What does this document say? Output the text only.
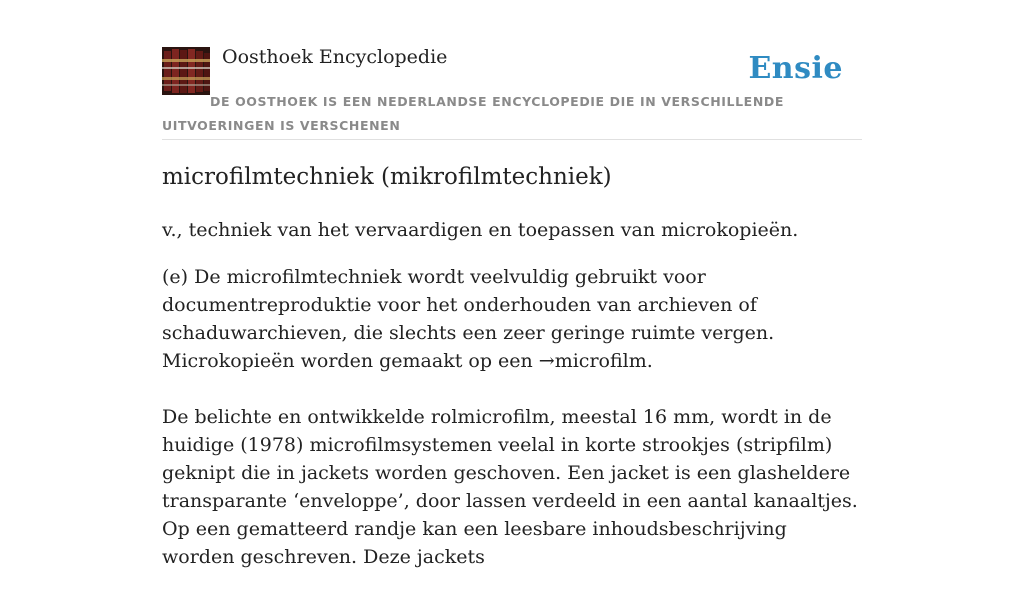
Oosthoek Encyclopedie	Ensie
DE OOSTHOEK IS EEN NEDERLANDSE ENCYCLOPEDIE DIE IN VERSCHILLENDE UITVOERINGEN IS VERSCHENEN
microfilmtechniek (mikrofilmtechniek)

v., techniek van het vervaardigen en toepassen van microkopieën.

(e) De microfilmtechniek wordt veelvuldig gebruikt voor documentreproduktie voor het onderhouden van archieven of schaduwarchieven, die slechts een zeer geringe ruimte vergen. Microkopieën worden gemaakt op een →microfilm.

De belichte en ontwikkelde rolmicrofilm, meestal 16 mm, wordt in de huidige (1978) microfilmsystemen veelal in korte strookjes (stripfilm) geknipt die in jackets worden geschoven. Een jacket is een glasheldere transparante ‘enveloppe’, door lassen verdeeld in een aantal kanaaltjes. Op een gematteerd randje kan een leesbare inhoudsbeschrijving worden geschreven. Deze jackets
